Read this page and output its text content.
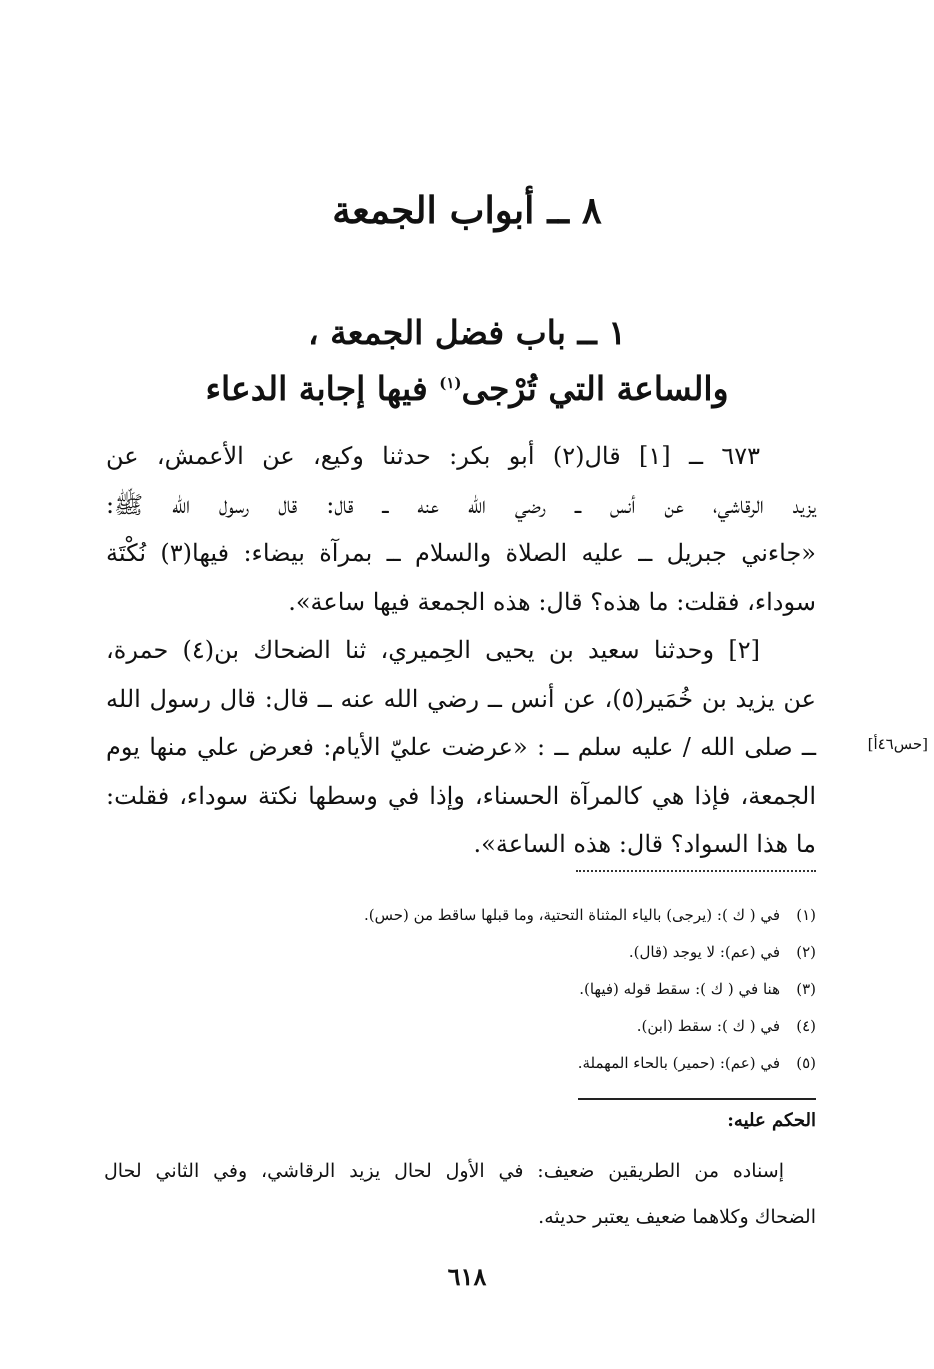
٨ ــ أبواب الجمعة
١ ــ باب فضل الجمعة ،
والساعة التي تُرْجى$^{(١)}$ فيها إجابة الدعاء
٦٧٣ ــ [١] قال(٢) أبو بكر: حدثنا وكيع، عن الأعمش، عن
يزيد الرقاشي، عن أنس ــ رضي الله عنه ــ قال: قال رسول الله ﷺ:
«جاءني جبريل ــ عليه الصلاة والسلام ــ بمرآة بيضاء: فيها(٣) نُكْتَة
سوداء، فقلت: ما هذه؟ قال: هذه الجمعة فيها ساعة».
[٢] وحدثنا سعيد بن يحيى الحِميري، ثنا الضحاك بن(٤) حمرة،
عن يزيد بن خُمَير(٥)، عن أنس ــ رضي الله عنه ــ قال: قال رسول الله
ــ صلى الله / عليه سلم ــ : «عرضت عليّ الأيام: فعرض علي منها يوم
الجمعة، فإذا هي كالمرآة الحسناء، وإذا في وسطها نكتة سوداء، فقلت:
ما هذا السواد؟ قال: هذه الساعة».
[حس٤٦أ]
(١)في ( ك ): (يرجى) بالياء المثناة التحتية، وما قبلها ساقط من (حس).
(٢)في (عم): لا يوجد (قال).
(٣)هنا في ( ك ): سقط قوله (فيها).
(٤)في ( ك ): سقط (ابن).
(٥)في (عم): (حمير) بالحاء المهملة.
الحكم عليه:
إسناده من الطريقين ضعيف: في الأول لحال يزيد الرقاشي، وفي الثاني لحال
الضحاك وكلاهما ضعيف يعتبر حديثه.
٦١٨
